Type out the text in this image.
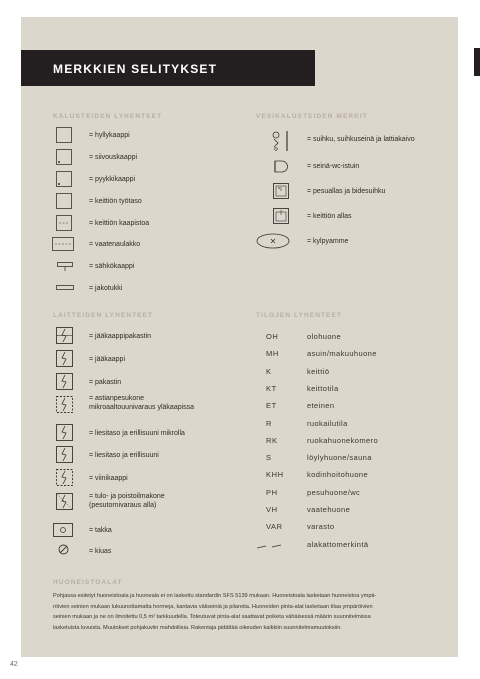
MERKKIEN SELITYKSET
KALUSTEIDEN LYHENTEET
= hyllykaappi
= siivouskaappi
= pyykkikaappi
= keittiön työtaso
= keittiön kaapistoa
= vaatenaulakko
= sähkökaappi
= jakotukki
VESIKALUSTEIDEN MERKIT
= suihku, suihkuseinä ja lattiakaivo
= seinä-wc-istuin
= pesuallas ja bidesuihku
= keittiön allas
= kylpyamme
LAITTEIDEN LYHENTEET
= jääkaappipakastin
= jääkaappi
= pakastin
= astianpesukone
mikroaaltouunivaraus yläkaapissa
= liesitaso ja erillisuuni mikrolla
= liesitaso ja erillisuuni
= viinikaappi
= tulo- ja poistoilmakone
(pesutornivaraus alla)
= takka
= kiuas
TILOJEN LYHENTEET
OH	olohuone
MH	asuin/makuuhuone
K	keittiö
KT	keittotila
ET	eteinen
R	ruokailutila
RK	ruokahuonekomero
S	löylyhuone/sauna
KHH	kodinhoitohuone
PH	pesuhuone/wc
VH	vaatehuone
VAR	varasto
alakattomerkintä
HUONEISTOALAT
Pohjassa esitetyt huoneistoala ja huoneala ei on laskettu standardin SFS 5139 mukaan. Huoneistoala lasketaan huoneistoa ympä-
röivien seinien mukaan lukuunottamatta hormeja, kantavia väliseiniä ja pilareita. Huoneiden pinta-alat lasketaan tilaa ympäröivien
seinien mukaan ja ne on ilmoitettu 0,5 m² tarkkuudella. Toteutuvat pinta-alat saattavat poiketa vähäisessä määrin suunnitelmissa
lasketuista luvuista. Muutokset pohjakuviin mahdollisia. Rakentaja pidättää oikeuden kaikkiin suunnitelmamuutoksiin.
42
